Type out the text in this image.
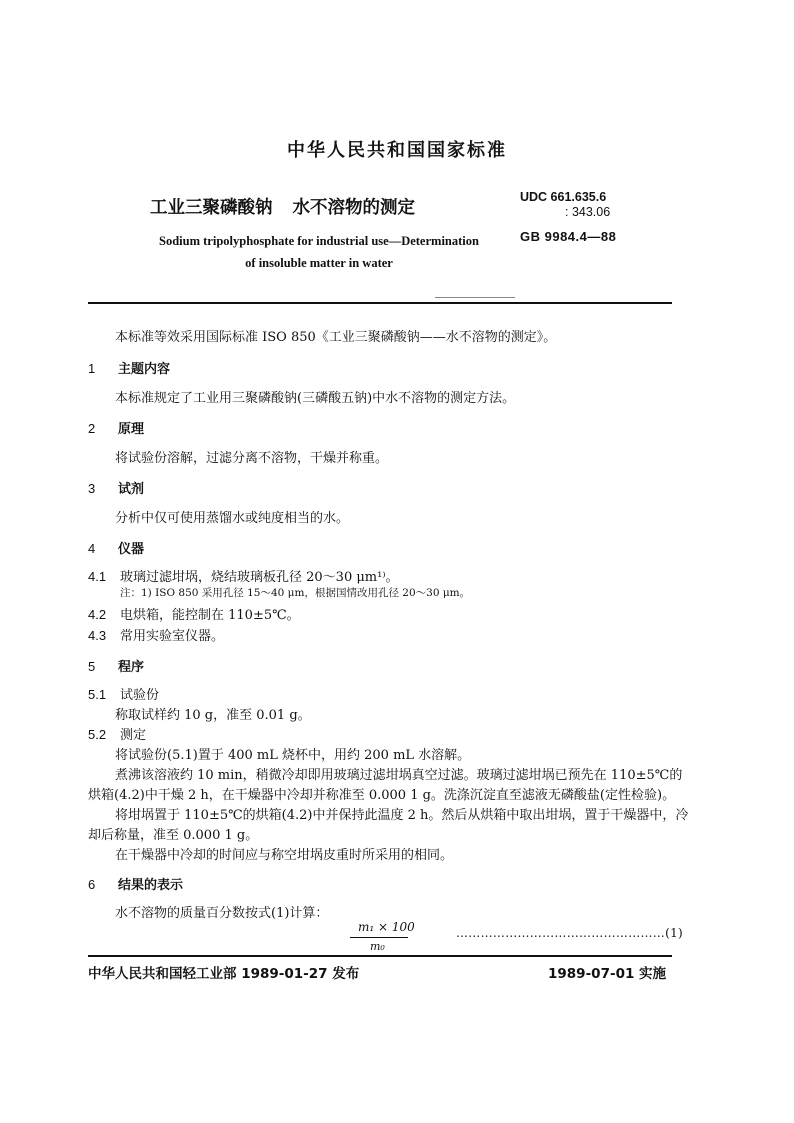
中华人民共和国国家标准
工业三聚磷酸钠 水不溶物的测定
UDC 661.635.6
: 343.06
GB 9984.4—88
Sodium tripolyphosphate for industrial use—Determination
of insoluble matter in water
本标准等效采用国际标准 ISO 850《工业三聚磷酸钠——水不溶物的测定》。
1 主题内容
本标准规定了工业用三聚磷酸钠(三磷酸五钠)中水不溶物的测定方法。
2 原理
将试验份溶解，过滤分离不溶物，干燥并称重。
3 试剂
分析中仅可使用蒸馏水或纯度相当的水。
4 仪器
4.1 玻璃过滤坩埚，烧结玻璃板孔径 20～30 μm¹⁾。
注：1) ISO 850 采用孔径 15～40 μm，根据国情改用孔径 20～30 μm。
4.2 电烘箱，能控制在 110±5℃。
4.3 常用实验室仪器。
5 程序
5.1 试验份
称取试样约 10 g，准至 0.01 g。
5.2 测定
将试验份(5.1)置于 400 mL 烧杯中，用约 200 mL 水溶解。
煮沸该溶液约 10 min，稍微冷却即用玻璃过滤坩埚真空过滤。玻璃过滤坩埚已预先在 110±5℃的
烘箱(4.2)中干燥 2 h，在干燥器中冷却并称准至 0.000 1 g。洗涤沉淀直至滤液无磷酸盐(定性检验)。
将坩埚置于 110±5℃的烘箱(4.2)中并保持此温度 2 h。然后从烘箱中取出坩埚，置于干燥器中，冷
却后称量，准至 0.000 1 g。
在干燥器中冷却的时间应与称空坩埚皮重时所采用的相同。
6 结果的表示
水不溶物的质量百分数按式(1)计算：
m₁ × 100
m₀
……………………………………………(1)
中华人民共和国轻工业部 1989-01-27 发布	1989-07-01 实施
